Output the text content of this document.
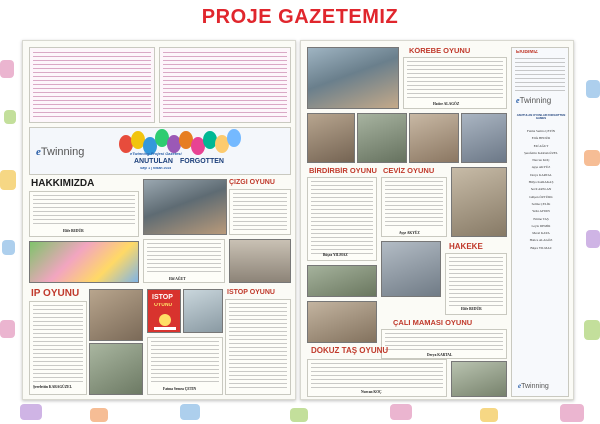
PROJE GAZETEMIZ
eTwinning	eTwinning Projesi Gazetesi
ANUTULAN FORGOTTEN
Sayı 1 | Nisan 2024
HAKKIMIZDA
Elife BEDÜR
ÇİZGİ OYUNU
Elif AĞUT
İP OYUNU
Şerefettin KARAGÜZEL
İSTOP
OYUNU
İSTOP OYUNU
Fatma Semra ÇETIN
KÖREBE OYUNU
Hatice ALAGÖZ
BİRDİRBİR OYUNU
Büşra YILMAZ
CEVİZ OYUNU
Ayşe AKYÜZ
HAKEKE
Elife BEDÜR
ÇALI MAMASI OYUNU
Derya KARTAL
DOKUZ TAŞ OYUNU
Nurcan KOÇ
EKİBİMİZ
eTwinning
ANUTULAN OYUNLAR FORGOTTEN GAMES
Fatma Semra ÇETİN
Elife BEDÜR
Elif AĞUT
Şerefettin KARAGÜZEL
Nurcan KOÇ
Ayşe AKYÜZ
Derya KARTAL
Hülya KARAKAŞ
Sevil ARSLAN
Gülşen ÖZTÜRK
Selma ÇELİK
Yeliz AYDIN
Emine TAŞ
Leyla DEMİR
Meral KAYA
Hatice ALAGÖZ
Büşra YILMAZ
eTwinning
